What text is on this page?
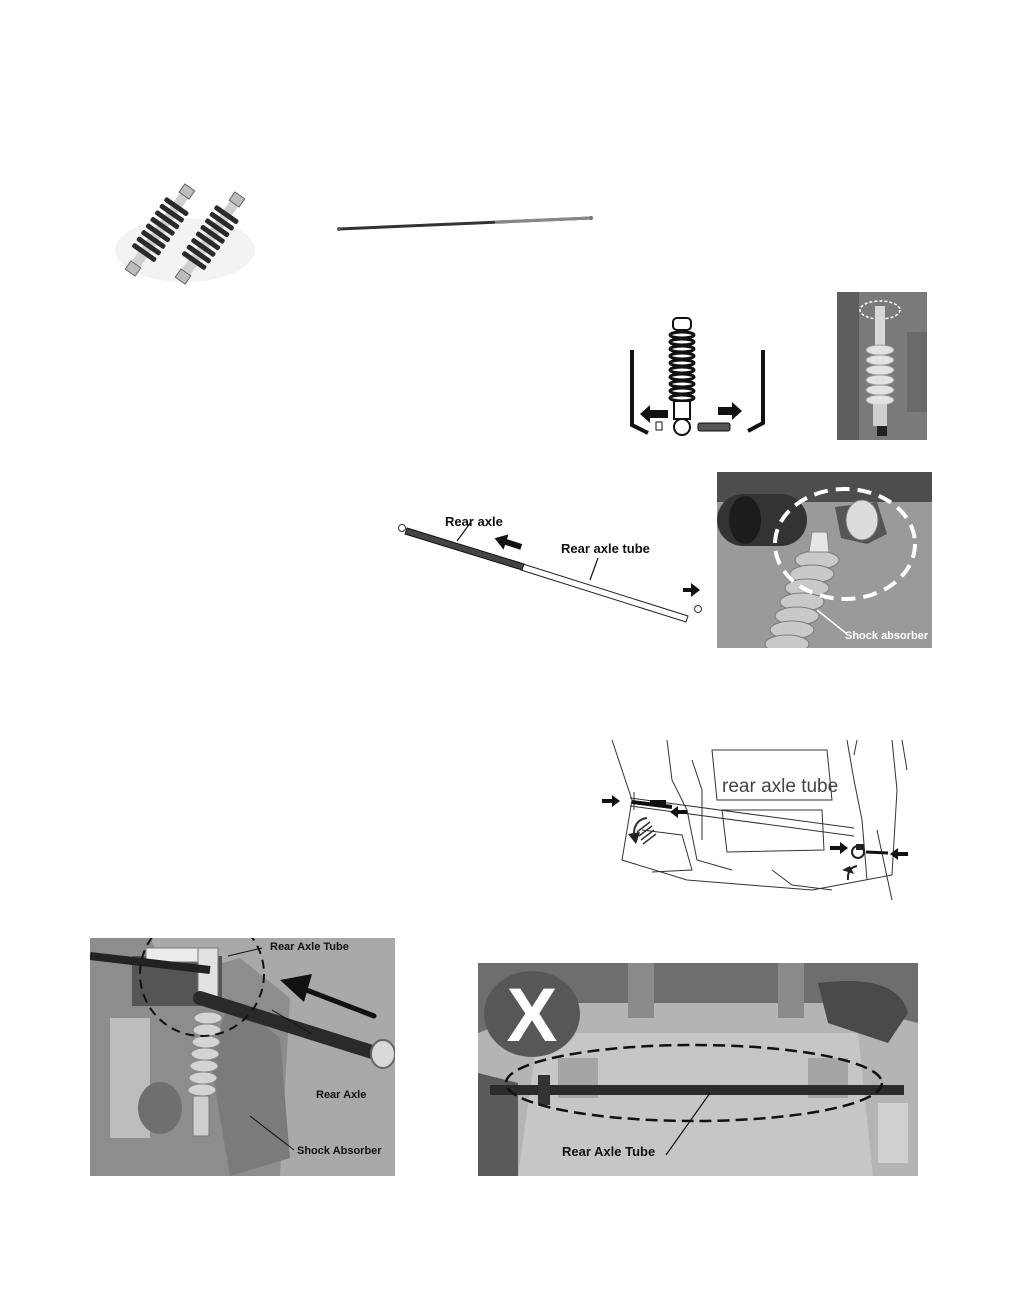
Rear axle
Rear axle tube
Shock absorber
rear axle tube
Rear Axle Tube
Rear Axle
Shock Absorber
X
Rear Axle Tube
